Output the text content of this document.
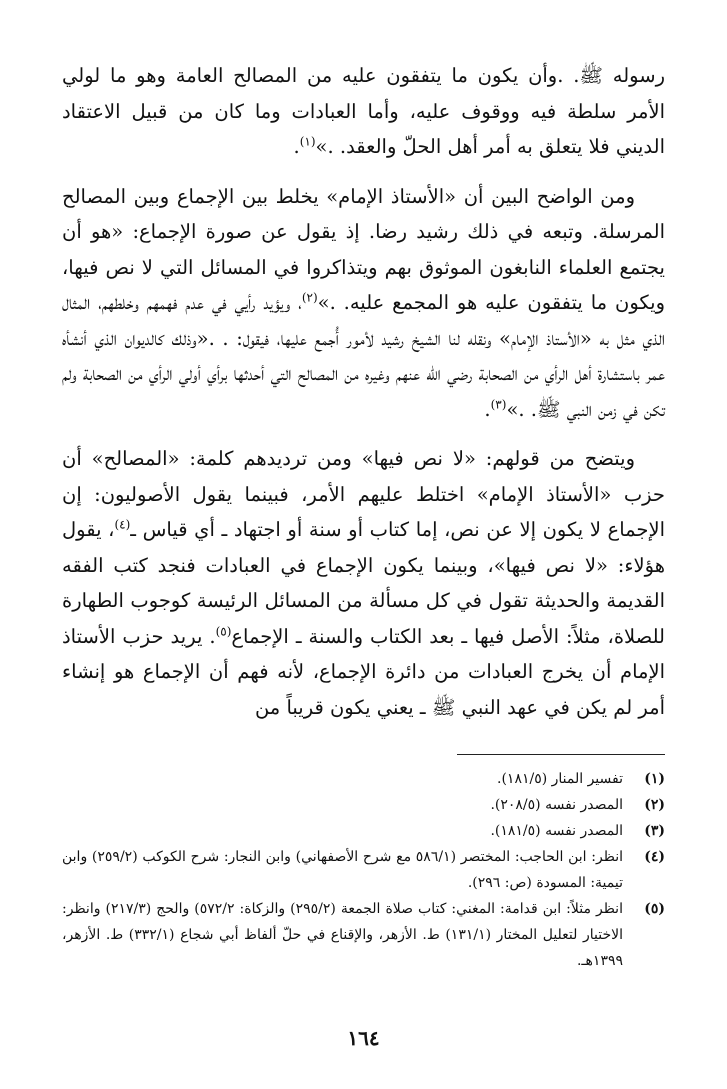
رسوله ﷺ. .وأن يكون ما يتفقون عليه من المصالح العامة وهو ما لولي الأمر سلطة فيه ووقوف عليه، وأما العبادات وما كان من قبيل الاعتقاد الديني فلا يتعلق به أمر أهل الحلّ والعقد. .»$^{(١)}$.

ومن الواضح البين أن «الأستاذ الإمام» يخلط بين الإجماع وبين المصالح المرسلة. وتبعه في ذلك رشيد رضا. إذ يقول عن صورة الإجماع: «هو أن يجتمع العلماء النابغون الموثوق بهم ويتذاكروا في المسائل التي لا نص فيها، ويكون ما يتفقون عليه هو المجمع عليه. .»$^{(٢)}$، ويؤيد رأيي في عدم فهمهم وخلطهم، المثال الذي مثل به «الأستاذ الإمام» ونقله لنا الشيخ رشيد لأمور أُجمع عليها، فيقول: . .«وذلك كالديوان الذي أنشأه عمر باستشارة أهل الرأي من الصحابة رضي الله عنهم وغيره من المصالح التي أحدثها برأي أولي الرأي من الصحابة ولم تكن في زمن النبي ﷺ. .»$^{(٣)}$.

ويتضح من قولهم: «لا نص فيها» ومن ترديدهم كلمة: «المصالح» أن حزب «الأستاذ الإمام» اختلط عليهم الأمر، فبينما يقول الأصوليون: إن الإجماع لا يكون إلا عن نص، إما كتاب أو سنة أو اجتهاد ـ أي قياس ـ$^{(٤)}$، يقول هؤلاء: «لا نص فيها»، وبينما يكون الإجماع في العبادات فنجد كتب الفقه القديمة والحديثة تقول في كل مسألة من المسائل الرئيسة كوجوب الطهارة للصلاة، مثلاً: الأصل فيها ـ بعد الكتاب والسنة ـ الإجماع$^{(٥)}$. يريد حزب الأستاذ الإمام أن يخرج العبادات من دائرة الإجماع، لأنه فهم أن الإجماع هو إنشاء أمر لم يكن في عهد النبي ﷺ ـ يعني يكون قريباً من

(١)
تفسير المنار (١٨١/٥).
(٢)
المصدر نفسه (٢٠٨/٥).
(٣)
المصدر نفسه (١٨١/٥).
(٤)
انظر: ابن الحاجب: المختصر (٥٨٦/١ مع شرح الأصفهاني) وابن النجار: شرح الكوكب (٢٥٩/٢) وابن تيمية: المسودة (ص: ٢٩٦).
(٥)
انظر مثلاً: ابن قدامة: المغني: كتاب صلاة الجمعة (٢٩٥/٢) والزكاة: ٥٧٢/٢) والحج (٢١٧/٣) وانظر: الاختيار لتعليل المختار (١٣١/١) ط. الأزهر، والإقناع في حلّ ألفاظ أبي شجاع (٣٣٢/١) ط. الأزهر، ١٣٩٩هـ.
١٦٤
